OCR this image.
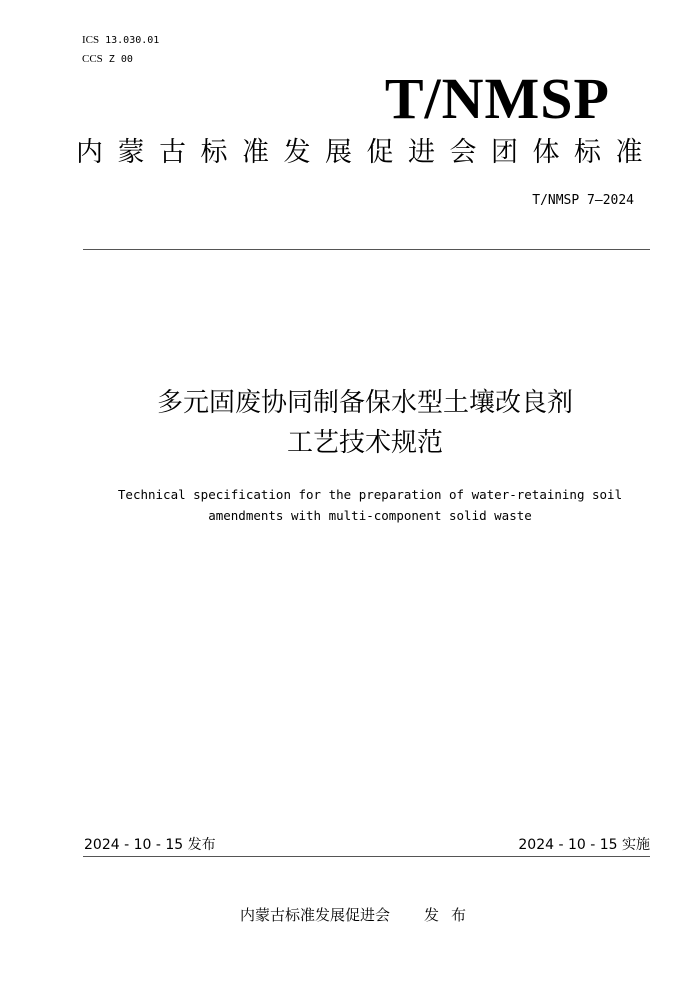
ICS 13.030.01
CCS Z 00
T/NMSP
内蒙古标准发展促进会团体标准
T/NMSP 7—2024
多元固废协同制备保水型土壤改良剂
工艺技术规范
Technical specification for the preparation of water-retaining soil
amendments with multi-component solid waste
2024 - 10 - 15 发布	2024 - 10 - 15 实施
内蒙古标准发展促进会 发布
